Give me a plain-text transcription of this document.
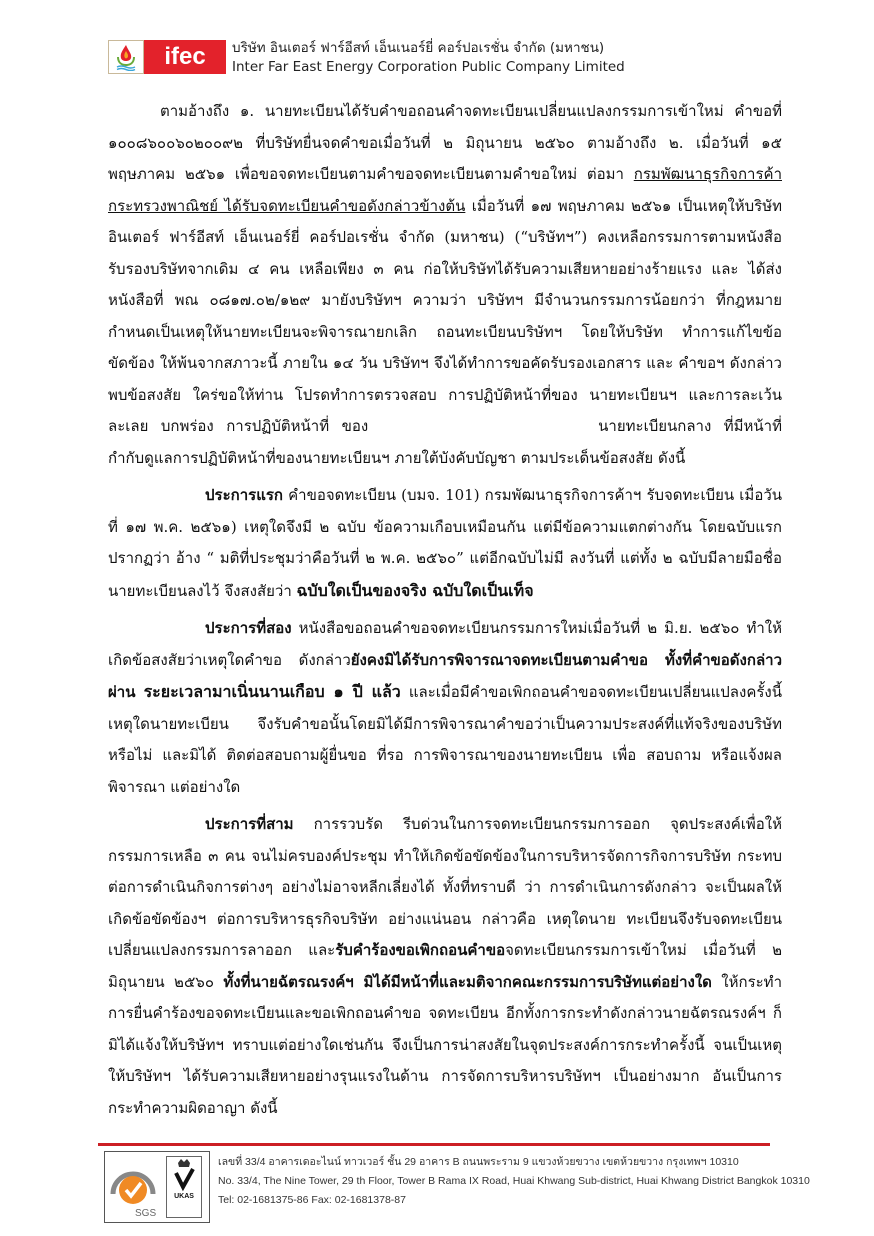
ifec	บริษัท อินเตอร์ ฟาร์อีสท์ เอ็นเนอร์ยี่ คอร์ปอเรชั่น จำกัด (มหาชน)
Inter Far East Energy Corporation Public Company Limited

ตามอ้างถึง ๑. นายทะเบียนได้รับคำขอถอนคำจดทะเบียนเปลี่ยนแปลงกรรมการเข้าใหม่ คำขอที่ ๑๐๐๘๖๐๐๖๐๒๐๐๙๒ ที่บริษัทยื่นจดคำขอเมื่อวันที่ ๒ มิถุนายน ๒๕๖๐ ตามอ้างถึง ๒. เมื่อวันที่ ๑๕ พฤษภาคม ๒๕๖๑ เพื่อขอจดทะเบียนตามคำขอจดทะเบียนตามคำขอใหม่ ต่อมา กรมพัฒนาธุรกิจการค้า กระทรวงพาณิชย์ ได้รับจดทะเบียนคำขอดังกล่าวข้างต้น เมื่อวันที่ ๑๗ พฤษภาคม ๒๕๖๑ เป็นเหตุให้บริษัท อินเตอร์ ฟาร์อีสท์ เอ็นเนอร์ยี่ คอร์ปอเรชั่น จำกัด (มหาชน) (“บริษัทฯ”) คงเหลือกรรมการตามหนังสือรับรองบริษัทจากเดิม ๔ คน เหลือเพียง ๓ คน ก่อให้บริษัทได้รับความเสียหายอย่างร้ายแรง และ ได้ส่งหนังสือที่ พณ ๐๘๑๗.๐๒/๑๒๙ มายังบริษัทฯ ความว่า บริษัทฯ มีจำนวนกรรมการน้อยกว่า ที่กฎหมายกำหนดเป็นเหตุให้นายทะเบียนจะพิจารณายกเลิก ถอนทะเบียนบริษัทฯ โดยให้บริษัท ทำการแก้ไขข้อขัดข้อง ให้พ้นจากสภาวะนี้ ภายใน ๑๔ วัน บริษัทฯ จึงได้ทำการขอคัดรับรองเอกสาร และ คำขอฯ ดังกล่าว พบข้อสงสัย ใคร่ขอให้ท่าน โปรดทำการตรวจสอบ การปฏิบัติหน้าที่ของ นายทะเบียนฯ และการละเว้นละเลย บกพร่อง การปฏิบัติหน้าที่ ของ	นายทะเบียนกลาง ที่มีหน้าที่กำกับดูแลการปฏิบัติหน้าที่ของนายทะเบียนฯ ภายใต้บังคับบัญชา ตามประเด็นข้อสงสัย ดังนี้

ประการแรก คำขอจดทะเบียน (บมจ. 101) กรมพัฒนาธุรกิจการค้าฯ รับจดทะเบียน เมื่อวันที่ ๑๗ พ.ค. ๒๕๖๑) เหตุใดจึงมี ๒ ฉบับ ข้อความเกือบเหมือนกัน แต่มีข้อความแตกต่างกัน โดยฉบับแรก ปรากฏว่า อ้าง “ มติที่ประชุมว่าคือวันที่ ๒ พ.ค. ๒๕๖๐” แต่อีกฉบับไม่มี ลงวันที่ แต่ทั้ง ๒ ฉบับมีลายมือชื่อนายทะเบียนลงไว้ จึงสงสัยว่า ฉบับใดเป็นของจริง ฉบับใดเป็นเท็จ

ประการที่สอง หนังสือขอถอนคำขอจดทะเบียนกรรมการใหม่เมื่อวันที่ ๒ มิ.ย. ๒๕๖๐ ทำให้เกิดข้อสงสัยว่าเหตุใดคำขอ ดังกล่าวยังคงมิได้รับการพิจารณาจดทะเบียนตามคำขอ ทั้งที่คำขอดังกล่าวผ่าน ระยะเวลามาเนิ่นนานเกือบ ๑ ปี แล้ว และเมื่อมีคำขอเพิกถอนคำขอจดทะเบียนเปลี่ยนแปลงครั้งนี้ เหตุใดนายทะเบียน จึงรับคำขอนั้นโดยมิได้มีการพิจารณาคำขอว่าเป็นความประสงค์ที่แท้จริงของบริษัทหรือไม่ และมิได้ ติดต่อสอบถามผู้ยื่นขอ ที่รอ การพิจารณาของนายทะเบียน เพื่อ สอบถาม หรือแจ้งผลพิจารณา แต่อย่างใด

ประการที่สาม การรวบรัด รีบด่วนในการจดทะเบียนกรรมการออก จุดประสงค์เพื่อให้กรรมการเหลือ ๓ คน จนไม่ครบองค์ประชุม ทำให้เกิดข้อขัดข้องในการบริหารจัดการกิจการบริษัท กระทบต่อการดำเนินกิจการต่างๆ อย่างไม่อาจหลีกเลี่ยงได้ ทั้งที่ทราบดี ว่า การดำเนินการดังกล่าว จะเป็นผลให้ เกิดข้อขัดข้องฯ ต่อการบริหารธุรกิจบริษัท อย่างแน่นอน กล่าวคือ เหตุใดนาย ทะเบียนจึงรับจดทะเบียนเปลี่ยนแปลงกรรมการลาออก และรับคำร้องขอเพิกถอนคำขอจดทะเบียนกรรมการเข้าใหม่ เมื่อวันที่ ๒ มิถุนายน ๒๕๖๐ ทั้งที่นายฉัตรณรงค์ฯ มิได้มีหน้าที่และมติจากคณะกรรมการบริษัทแต่อย่างใด ให้กระทำการยื่นคำร้องขอจดทะเบียนและขอเพิกถอนคำขอ จดทะเบียน อีกทั้งการกระทำดังกล่าวนายฉัตรณรงค์ฯ ก็มิได้แจ้งให้บริษัทฯ ทราบแต่อย่างใดเช่นกัน จึงเป็นการน่าสงสัยในจุดประสงค์การกระทำครั้งนี้ จนเป็นเหตุให้บริษัทฯ ได้รับความเสียหายอย่างรุนแรงในด้าน การจัดการบริหารบริษัทฯ เป็นอย่างมาก อันเป็นการกระทำความผิดอาญา ดังนี้

SGS
UKAS
เลขที่ 33/4 อาคารเดอะไนน์ ทาวเวอร์ ชั้น 29 อาคาร B ถนนพระราม 9 แขวงห้วยขวาง เขตห้วยขวาง กรุงเทพฯ 10310
No. 33/4, The Nine Tower, 29 th Floor, Tower B Rama IX Road, Huai Khwang Sub-district, Huai Khwang District Bangkok 10310
Tel: 02-1681375-86 Fax: 02-1681378-87
